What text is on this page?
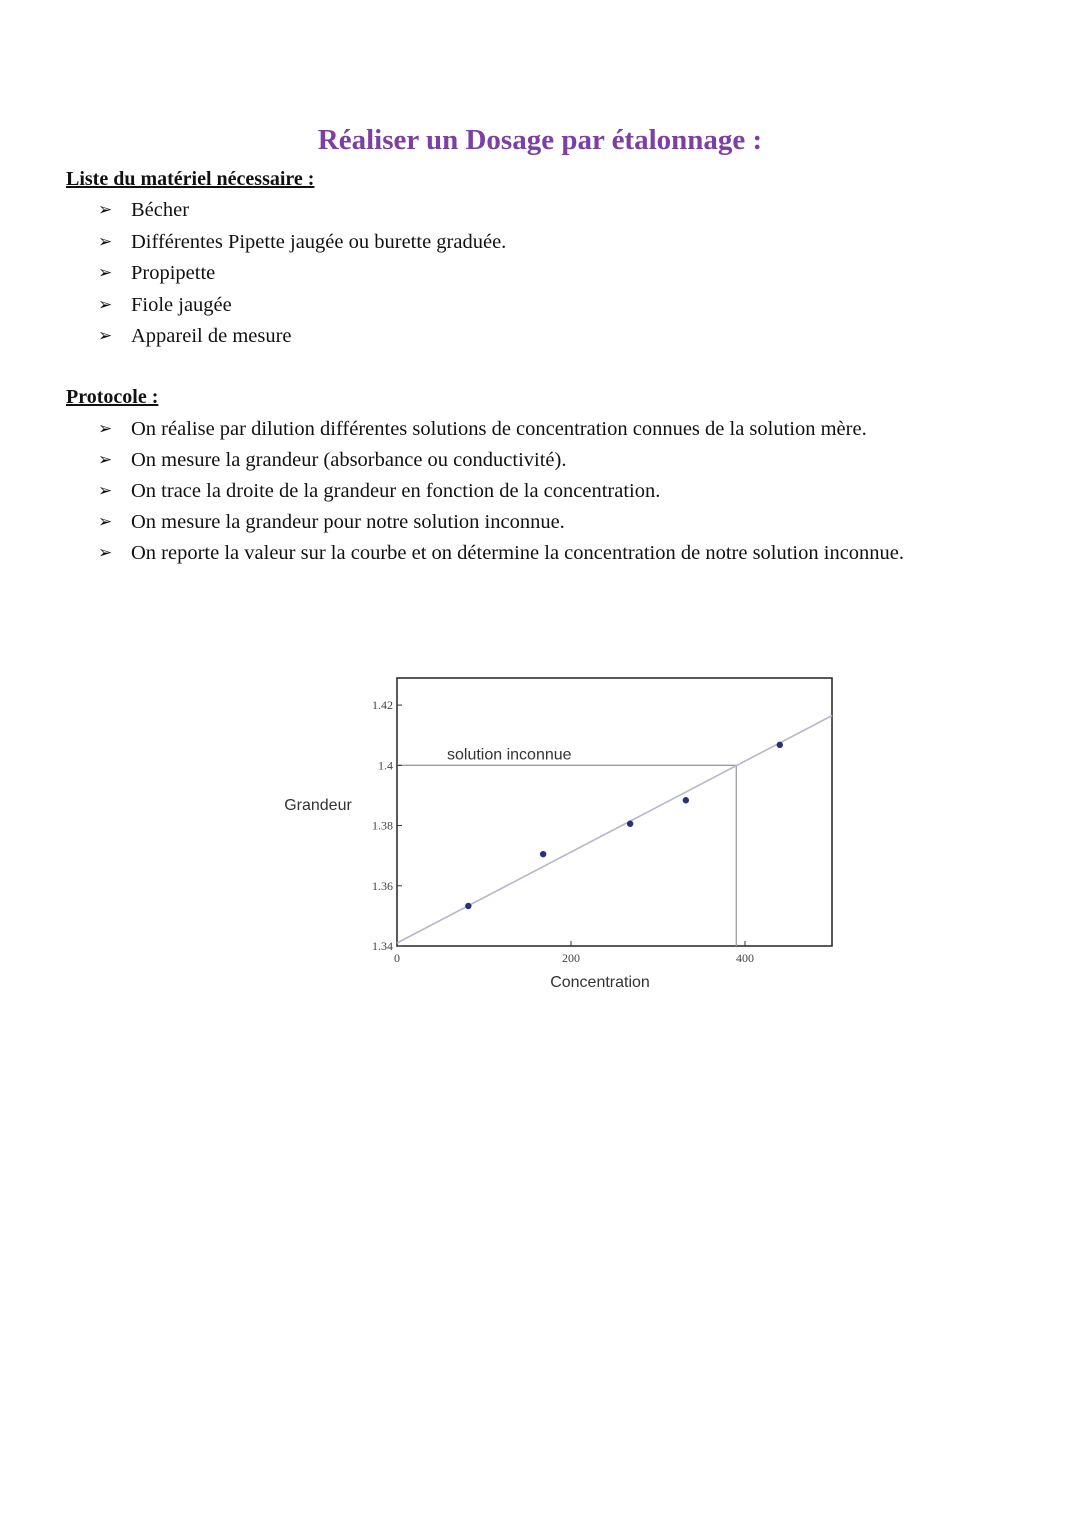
Réaliser un Dosage par étalonnage :

Liste du matériel nécessaire :

➢ Bécher
➢ Différentes Pipette jaugée ou burette graduée.
➢ Propipette
➢ Fiole jaugée
➢ Appareil de mesure

Protocole :

➢ On réalise par dilution différentes solutions de concentration connues de la solution mère.
➢ On mesure la grandeur (absorbance ou conductivité).
➢ On trace la droite de la grandeur en fonction de la concentration.
➢ On mesure la grandeur pour notre solution inconnue.
➢ On reporte la valeur sur la courbe et on détermine la concentration de notre solution inconnue.
1.34
1.36
1.38
1.4
1.42
0	200	400
Grandeur
Concentration
solution inconnue
